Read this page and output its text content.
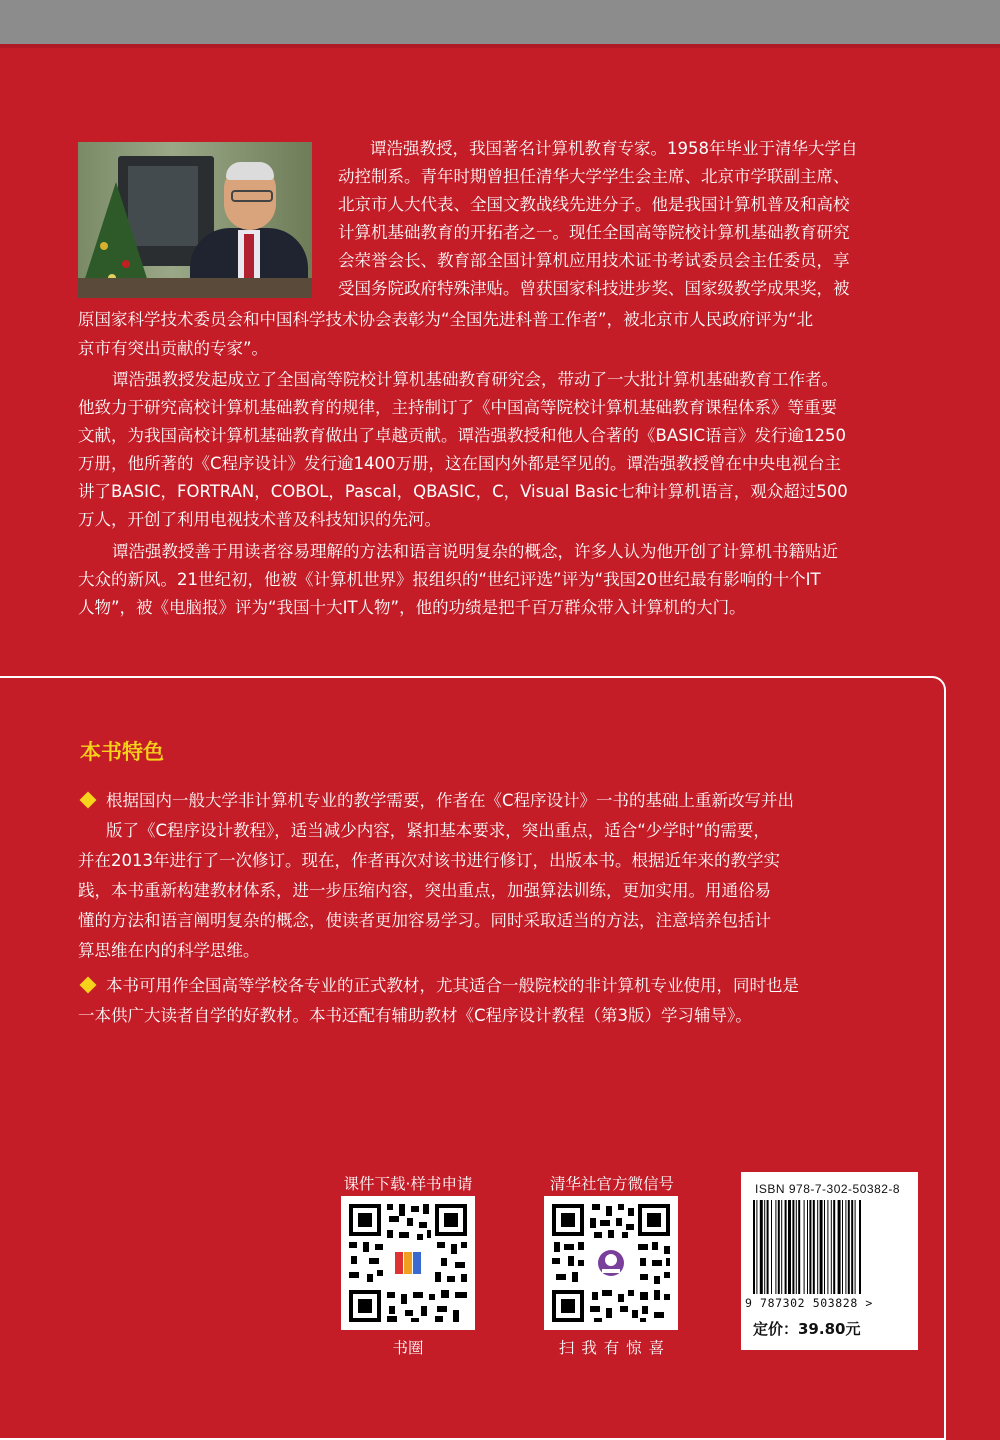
谭浩强教授，我国著名计算机教育专家。1958年毕业于清华大学自
动控制系。青年时期曾担任清华大学学生会主席、北京市学联副主席、
北京市人大代表、全国文教战线先进分子。他是我国计算机普及和高校
计算机基础教育的开拓者之一。现任全国高等院校计算机基础教育研究
会荣誉会长、教育部全国计算机应用技术证书考试委员会主任委员，享
受国务院政府特殊津贴。曾获国家科技进步奖、国家级教学成果奖，被
原国家科学技术委员会和中国科学技术协会表彰为“全国先进科普工作者”，被北京市人民政府评为“北
京市有突出贡献的专家”。
谭浩强教授发起成立了全国高等院校计算机基础教育研究会，带动了一大批计算机基础教育工作者。
他致力于研究高校计算机基础教育的规律，主持制订了《中国高等院校计算机基础教育课程体系》等重要
文献，为我国高校计算机基础教育做出了卓越贡献。谭浩强教授和他人合著的《BASIC语言》发行逾1250
万册，他所著的《C程序设计》发行逾1400万册，这在国内外都是罕见的。谭浩强教授曾在中央电视台主
讲了BASIC，FORTRAN，COBOL，Pascal，QBASIC，C，Visual Basic七种计算机语言，观众超过500
万人，开创了利用电视技术普及科技知识的先河。
谭浩强教授善于用读者容易理解的方法和语言说明复杂的概念，许多人认为他开创了计算机书籍贴近
大众的新风。21世纪初，他被《计算机世界》报组织的“世纪评选”评为“我国20世纪最有影响的十个IT
人物”，被《电脑报》评为“我国十大IT人物”，他的功绩是把千百万群众带入计算机的大门。
本书特色
根据国内一般大学非计算机专业的教学需要，作者在《C程序设计》一书的基础上重新改写并出
版了《C程序设计教程》，适当减少内容，紧扣基本要求，突出重点，适合“少学时”的需要，
并在2013年进行了一次修订。现在，作者再次对该书进行修订，出版本书。根据近年来的教学实
践，本书重新构建教材体系，进一步压缩内容，突出重点，加强算法训练，更加实用。用通俗易
懂的方法和语言阐明复杂的概念，使读者更加容易学习。同时采取适当的方法，注意培养包括计
算思维在内的科学思维。
本书可用作全国高等学校各专业的正式教材，尤其适合一般院校的非计算机专业使用，同时也是
一本供广大读者自学的好教材。本书还配有辅助教材《C程序设计教程（第3版）学习辅导》。
课件下载·样书申请
书圈
清华社官方微信号
扫 我 有 惊 喜
ISBN 978-7-302-50382-8
9 787302 503828 >
定价：39.80元
